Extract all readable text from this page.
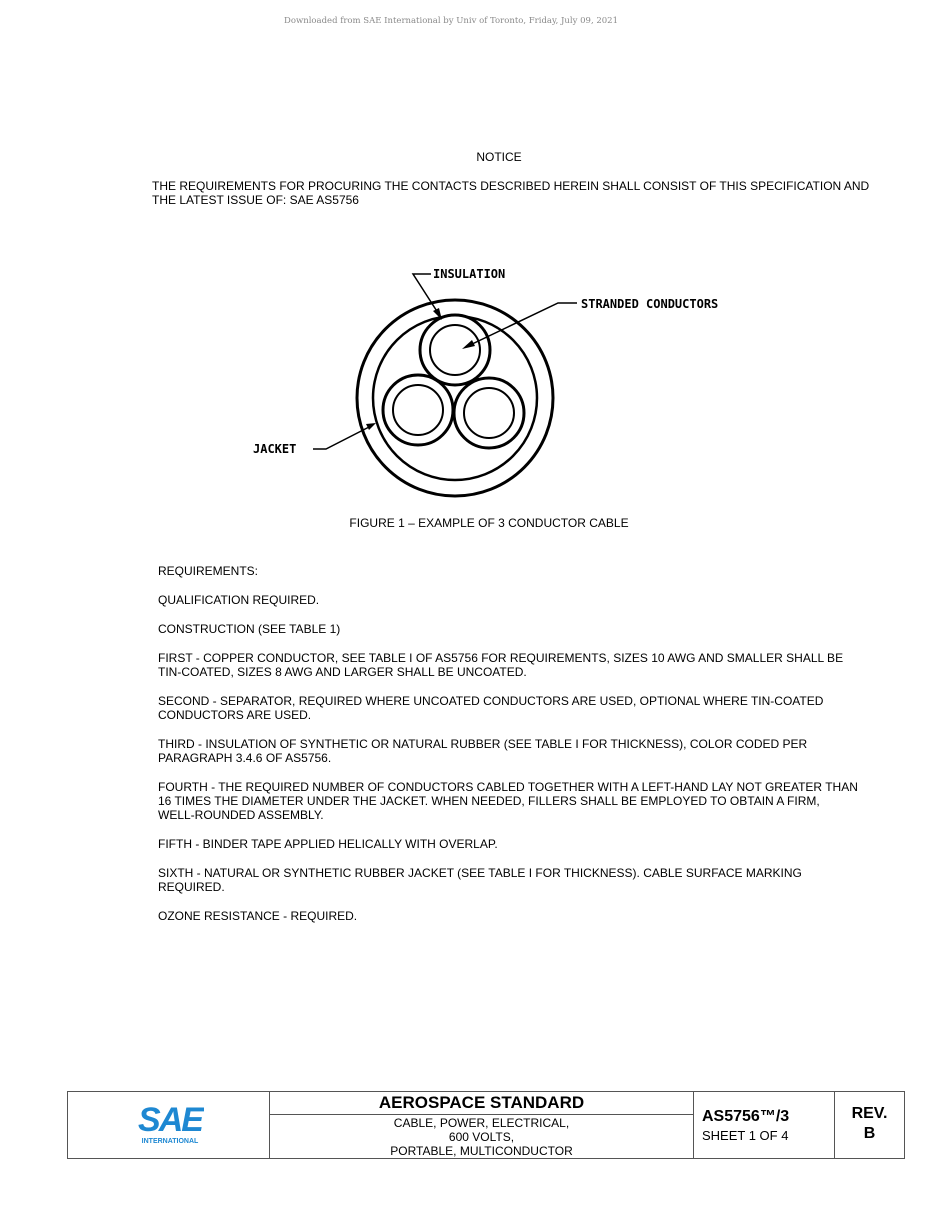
Downloaded from SAE International by Univ of Toronto, Friday, July 09, 2021
NOTICE
THE REQUIREMENTS FOR PROCURING THE CONTACTS DESCRIBED HEREIN SHALL CONSIST OF THIS SPECIFICATION AND THE LATEST ISSUE OF: SAE AS5756
INSULATION
STRANDED CONDUCTORS
JACKET
FIGURE 1 – EXAMPLE OF 3 CONDUCTOR CABLE

REQUIREMENTS:

QUALIFICATION REQUIRED.

CONSTRUCTION (SEE TABLE 1)

FIRST - COPPER CONDUCTOR, SEE TABLE I OF AS5756 FOR REQUIREMENTS, SIZES 10 AWG AND SMALLER SHALL BE TIN-COATED, SIZES 8 AWG AND LARGER SHALL BE UNCOATED.

SECOND - SEPARATOR, REQUIRED WHERE UNCOATED CONDUCTORS ARE USED, OPTIONAL WHERE TIN-COATED CONDUCTORS ARE USED.

THIRD - INSULATION OF SYNTHETIC OR NATURAL RUBBER (SEE TABLE I FOR THICKNESS), COLOR CODED PER PARAGRAPH 3.4.6 OF AS5756.

FOURTH - THE REQUIRED NUMBER OF CONDUCTORS CABLED TOGETHER WITH A LEFT-HAND LAY NOT GREATER THAN 16 TIMES THE DIAMETER UNDER THE JACKET. WHEN NEEDED, FILLERS SHALL BE EMPLOYED TO OBTAIN A FIRM, WELL-ROUNDED ASSEMBLY.

FIFTH - BINDER TAPE APPLIED HELICALLY WITH OVERLAP.

SIXTH - NATURAL OR SYNTHETIC RUBBER JACKET (SEE TABLE I FOR THICKNESS). CABLE SURFACE MARKING REQUIRED.

OZONE RESISTANCE - REQUIRED.

SAE
INTERNATIONAL
AEROSPACE STANDARD
CABLE, POWER, ELECTRICAL,
600 VOLTS,
PORTABLE, MULTICONDUCTOR
AS5756™/3
SHEET 1 OF 4
REV.
B
